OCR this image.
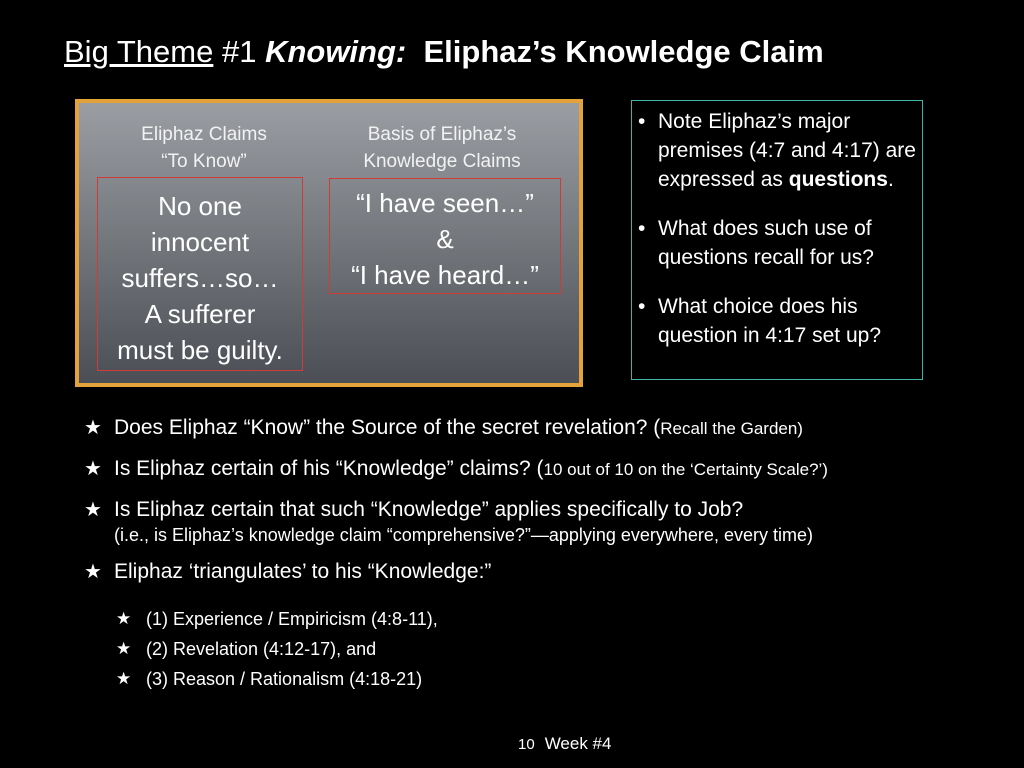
Big Theme #1 Knowing:  Eliphaz’s Knowledge Claim
Eliphaz Claims
“To Know”
Basis of Eliphaz’s
Knowledge Claims
No one
innocent
suffers…so…
A sufferer
must be guilty.
“I have seen…”
&
“I have heard…”
• Note Eliphaz’s major premises (4:7 and 4:17) are expressed as questions.
• What does such use of questions recall for us?
• What choice does his question in 4:17 set up?
★ Does Eliphaz “Know” the Source of the secret revelation? (Recall the Garden)
★ Is Eliphaz certain of his “Knowledge” claims? (10 out of 10 on the ‘Certainty Scale?’)
★ Is Eliphaz certain that such “Knowledge” applies specifically to Job?
(i.e., is Eliphaz’s knowledge claim “comprehensive?”—applying everywhere, every time)
★ Eliphaz ‘triangulates’ to his “Knowledge:”
★ (1) Experience / Empiricism (4:8-11),
★ (2) Revelation (4:12-17), and
★ (3) Reason / Rationalism (4:18-21)
10 Week #4
